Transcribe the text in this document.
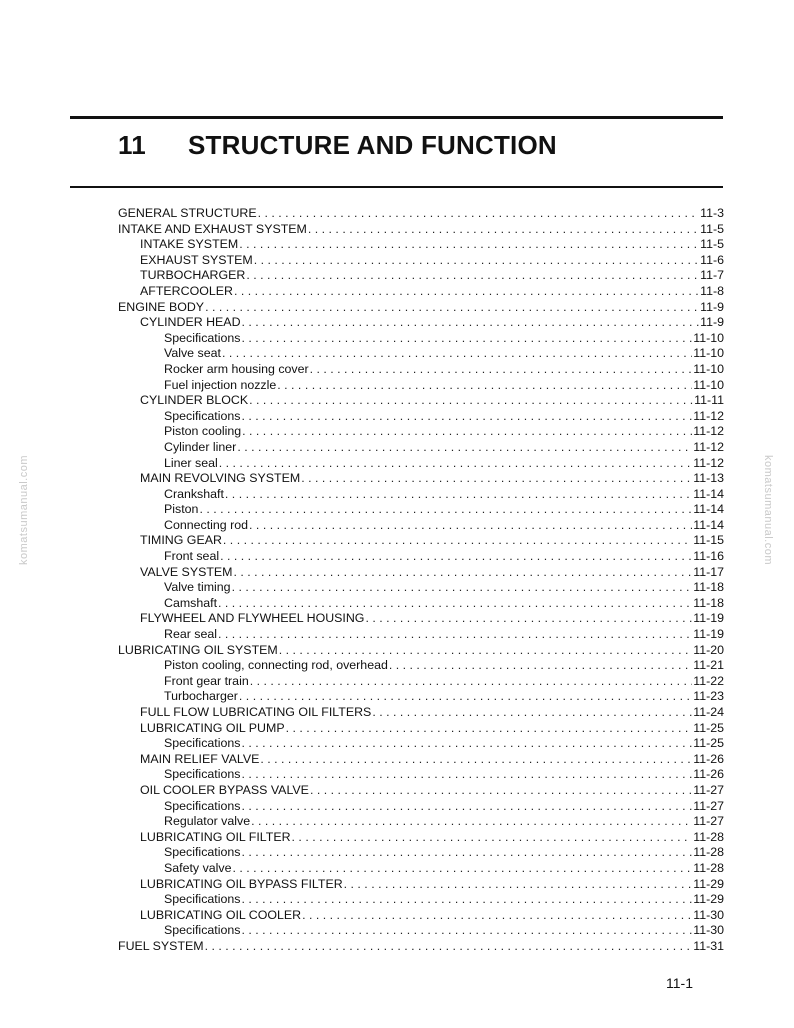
11 STRUCTURE AND FUNCTION
GENERAL STRUCTURE . . .	11-3
INTAKE AND EXHAUST SYSTEM . . .	11-5
INTAKE SYSTEM . . .	11-5
EXHAUST SYSTEM . . .	11-6
TURBOCHARGER . . .	11-7
AFTERCOOLER . . .	11-8
ENGINE BODY . . .	11-9
CYLINDER HEAD . . .	11-9
Specifications . . .	11-10
Valve seat . . .	11-10
Rocker arm housing cover . . .	11-10
Fuel injection nozzle . . .	11-10
CYLINDER BLOCK . . .	11-11
Specifications . . .	11-12
Piston cooling . . .	11-12
Cylinder liner . . .	11-12
Liner seal . . .	11-12
MAIN REVOLVING SYSTEM . . .	11-13
Crankshaft . . .	11-14
Piston . . .	11-14
Connecting rod . . .	11-14
TIMING GEAR . . .	11-15
Front seal . . .	11-16
VALVE SYSTEM . . .	11-17
Valve timing . . .	11-18
Camshaft . . .	11-18
FLYWHEEL AND FLYWHEEL HOUSING . . .	11-19
Rear seal . . .	11-19
LUBRICATING OIL SYSTEM . . .	11-20
Piston cooling, connecting rod, overhead . . .	11-21
Front gear train . . .	11-22
Turbocharger . . .	11-23
FULL FLOW LUBRICATING OIL FILTERS . . .	11-24
LUBRICATING OIL PUMP . . .	11-25
Specifications . . .	11-25
MAIN RELIEF VALVE . . .	11-26
Specifications . . .	11-26
OIL COOLER BYPASS VALVE . . .	11-27
Specifications . . .	11-27
Regulator valve . . .	11-27
LUBRICATING OIL FILTER . . .	11-28
Specifications . . .	11-28
Safety valve . . .	11-28
LUBRICATING OIL BYPASS FILTER . . .	11-29
Specifications . . .	11-29
LUBRICATING OIL COOLER . . .	11-30
Specifications . . .	11-30
FUEL SYSTEM . . .	11-31
komatsumanual.com	komatsumanual.com
11-1
